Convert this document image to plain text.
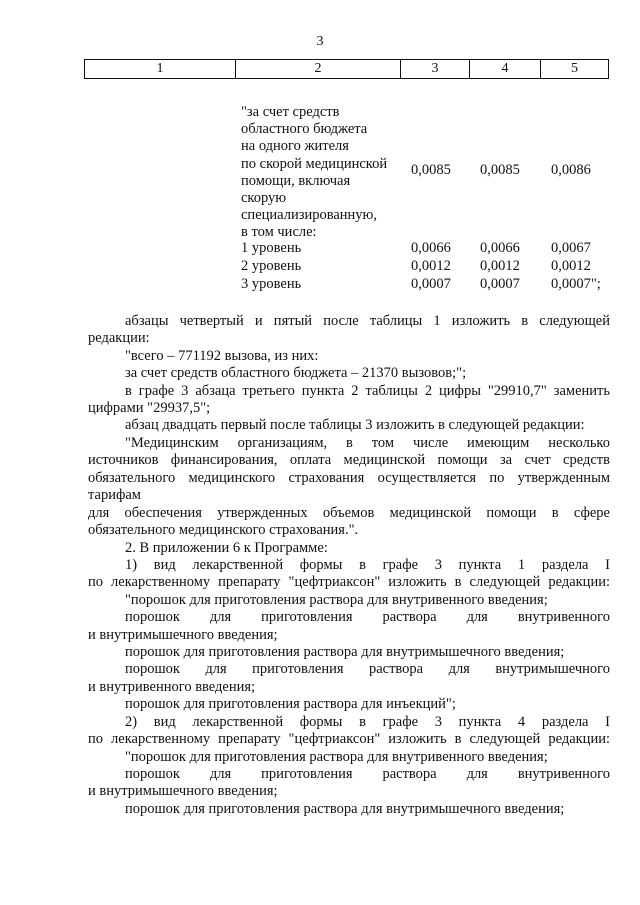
3
1	2	3	4	5
"за счет средств
областного бюджета
на одного жителя
по скорой медицинской
помощи, включая
скорую
специализированную,
в том числе:
0,0085 0,0085 0,0086
1 уровень	0,0066 0,0066 0,0067
2 уровень	0,0012 0,0012 0,0012
3 уровень	0,0007 0,0007 0,0007";
абзацы четвертый и пятый после таблицы 1 изложить в следующей
редакции:
"всего – 771192 вызова, из них:
за счет средств областного бюджета – 21370 вызовов;";
в графе 3 абзаца третьего пункта 2 таблицы 2 цифры "29910,7" заменить
цифрами "29937,5";
абзац двадцать первый после таблицы 3 изложить в следующей редакции:
"Медицинским организациям, в том числе имеющим несколько
источников финансирования, оплата медицинской помощи за счет средств
обязательного медицинского страхования осуществляется по утвержденным
тарифам
для обеспечения утвержденных объемов медицинской помощи в сфере
обязательного медицинского страхования.".
2. В приложении 6 к Программе:
1) вид лекарственной формы в графе 3 пункта 1 раздела I
по лекарственному препарату "цефтриаксон" изложить в следующей редакции:
"порошок для приготовления раствора для внутривенного введения;
порошок для приготовления раствора для внутривенного
и внутримышечного введения;
порошок для приготовления раствора для внутримышечного введения;
порошок для приготовления раствора для внутримышечного
и внутривенного введения;
порошок для приготовления раствора для инъекций";
2) вид лекарственной формы в графе 3 пункта 4 раздела I
по лекарственному препарату "цефтриаксон" изложить в следующей редакции:
"порошок для приготовления раствора для внутривенного введения;
порошок для приготовления раствора для внутривенного
и внутримышечного введения;
порошок для приготовления раствора для внутримышечного введения;
